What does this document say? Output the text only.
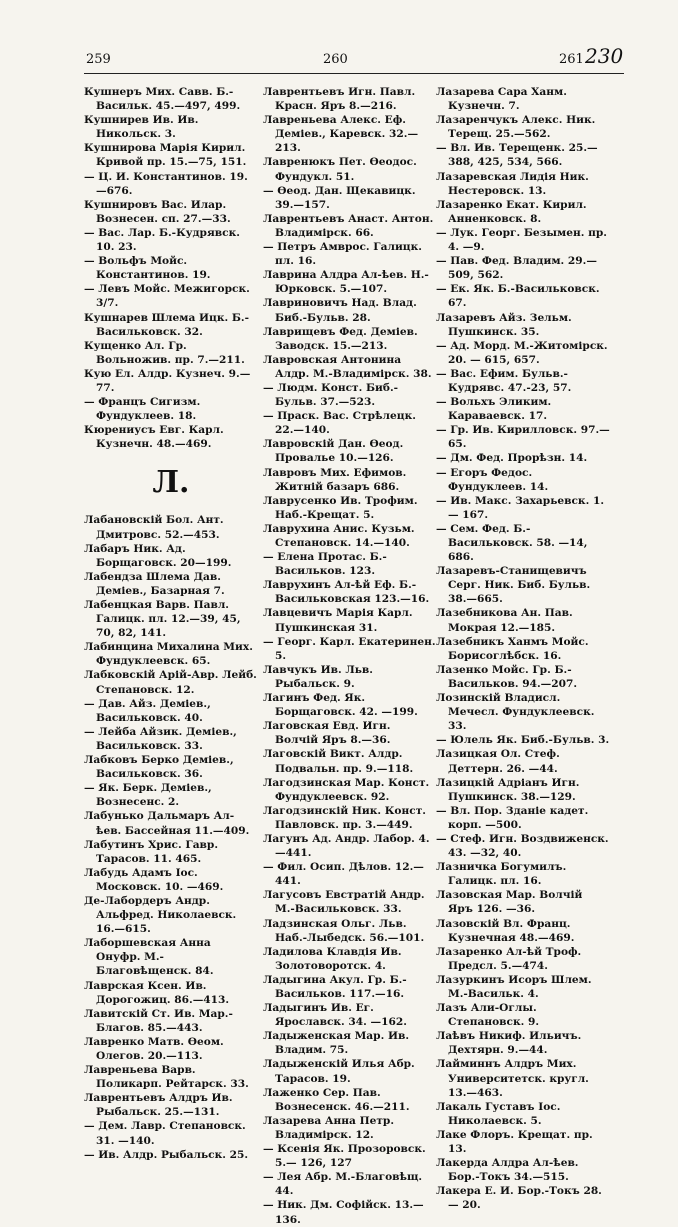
259	260	261 230

Кушнеръ Мих. Савв. Б.-Васильк. 45.—497, 499.

Кушнирев Ив. Ив. Никольск. 3.

Кушнирова Марія Кирил. Кривой пр. 15.—75, 151.

— Ц. И. Константинов. 19.—676.

Кушнировъ Вас. Илар. Вознесен. сп. 27.—33.

— Вас. Лар. Б.-Кудрявск. 10. 23.

— Вольфъ Мойс. Константинов. 19.

— Левъ Мойс. Межигорск. 3/7.

Кушнарев Шлема Ицк. Б.-Васильковск. 32.

Кущенко Ал. Гр. Вольножив. пр. 7.—211.

Кую Ел. Алдр. Кузнеч. 9.—77.

— Францъ Сигизм. Фундуклеев. 18.

Кюрениусъ Евг. Карл. Кузнечн. 48.—469.

Л.

Лабановскій Бол. Ант. Дмитровс. 52.—453.

Лабаръ Ник. Ад. Борщаговск. 20—199.

Лабендза Шлема Дав. Деміев., Базарная 7.

Лабенцкая Варв. Павл. Галицк. пл. 12.—39, 45, 70, 82, 141.

Лабинцина Михалина Мих. Фундуклеевск. 65.

Лабковскій Арій-Авр. Лейб. Степановск. 12.

— Дав. Айз. Деміев., Васильковск. 40.

— Лейба Айзик. Деміев., Васильковск. 33.

Лабковъ Берко Деміев., Васильковск. 36.

— Як. Берк. Деміев., Вознесенс. 2.

Лабунько Дальмаръ Ал-ѣев. Бассейная 11.—409.

Лабутинъ Хрис. Гавр. Тарасов. 11. 465.

Лабудь Адамъ Іос. Московск. 10. —469.

Де-Лабордеръ Андр. Альфред. Николаевск. 16.—615.

Лаборшевская Анна Онуфр. М.-Благовѣщенск. 84.

Лаврская Ксен. Ив. Дорогожиц. 86.—413.

Лавитскій Ст. Ив. Мар.-Благов. 85.—443.

Лавренко Матв. Ѳеом. Олегов. 20.—113.

Лавреньева Варв. Поликарп. Рейтарск. 33.

Лаврентьевъ Алдръ Ив. Рыбальск. 25.—131.

— Дем. Лавр. Степановск. 31. —140.

— Ив. Алдр. Рыбальск. 25.

Лаврентьевъ Игн. Павл. Красн. Яръ 8.—216.

Лавреньева Алекс. Еф. Деміев., Каревск. 32.—213.

Лавренюкъ Пет. Ѳеодос. Фундукл. 51.

— Ѳеод. Дан. Щекавицк. 39.—157.

Лаврентьевъ Анаст. Антон. Владимірск. 66.

— Петръ Амврос. Галицк. пл. 16.

Лаврина Алдра Ал-ѣев. Н.-Юрковск. 5.—107.

Лавриновичъ Над. Влад. Биб.-Бульв. 28.

Лаврищевъ Фед. Деміев. Заводск. 15.—213.

Лавровская Антонина Алдр. М.-Владимірск. 38.

— Людм. Конст. Биб.-Бульв. 37.—523.

— Праск. Вас. Стрѣлецк. 22.—140.

Лавровскій Дан. Ѳеод. Провалье 10.—126.

Лавровъ Мих. Ефимов. Житній базаръ 686.

Лаврусенко Ив. Трофим. Наб.-Крещат. 5.

Лаврухина Анис. Кузьм. Степановск. 14.—140.

— Елена Протас. Б.-Васильков. 123.

Лаврухинъ Ал-ѣй Еф. Б.-Васильковская 123.—16.

Лавцевичъ Марія Карл. Пушкинская 31.

— Георг. Карл. Екатеринен. 5.

Лавчукъ Ив. Льв. Рыбальск. 9.

Лагинъ Фед. Як. Борщаговск. 42. —199.

Лаговская Евд. Игн. Волчій Яръ 8.—36.

Лаговскій Викт. Алдр. Подвальн. пр. 9.—118.

Лагодзинская Мар. Конст. Фундуклеевск. 92.

Лагодзинскій Ник. Конст. Павловск. пр. 3.—449.

Лагунъ Ад. Андр. Лабор. 4.—441.

— Фил. Осип. Дѣлов. 12.—441.

Лагусовъ Евстратій Андр. М.-Васильковск. 33.

Ладзинская Ольг. Льв. Наб.-Лыбедск. 56.—101.

Ладилова Клавдія Ив. Золотоворотск. 4.

Ладыгина Акул. Гр. Б.-Васильков. 117.—16.

Ладыгинъ Ив. Ег. Ярославск. 34. —162.

Ладыженская Мар. Ив. Владим. 75.

Ладыженскій Илья Абр. Тарасов. 19.

Лаженко Сер. Пав. Вознесенск. 46.—211.

Лазарева Анна Петр. Владимірск. 12.

— Ксенія Як. Прозоровск. 5.— 126, 127

— Лея Абр. М.-Благовѣщ. 44.

— Ник. Дм. Софійск. 13.—136.

Лазарева Сара Ханм. Кузнечн. 7.

Лазаренчукъ Алекс. Ник. Терещ. 25.—562.

— Вл. Ив. Терещенк. 25.— 388, 425, 534, 566.

Лазаревская Лидія Ник. Нестеровск. 13.

Лазаренко Екат. Кирил. Анненковск. 8.

— Лук. Георг. Безымен. пр. 4. —9.

— Пав. Фед. Владим. 29.—509, 562.

— Ек. Як. Б.-Васильковск. 67.

Лазаревъ Айз. Зельм. Пушкинск. 35.

— Ад. Морд. М.-Житомірск. 20. — 615, 657.

— Вас. Ефим. Бульв.-Кудрявс. 47.-23, 57.

— Вольхъ Эликим. Караваевск. 17.

— Гр. Ив. Кирилловск. 97.— 65.

— Дм. Фед. Прорѣзн. 14.

— Егоръ Федос. Фундуклеев. 14.

— Ив. Макс. Захарьевск. 1.— 167.

— Сем. Фед. Б.-Васильковск. 58. —14, 686.

Лазаревъ-Станищевичъ Серг. Ник. Биб. Бульв. 38.—665.

Лазебникова Ан. Пав. Мокрая 12.—185.

Лазебникъ Ханмъ Мойс. Борисоглѣбск. 16.

Лазенко Мойс. Гр. Б.-Васильков. 94.—207.

Лозинскій Владисл. Мечесл. Фундуклеевск. 33.

— Юлель Як. Биб.-Бульв. 3.

Лазицкая Ол. Стеф. Деттерн. 26. —44.

Лазицкій Адріанъ Игн. Пушкинск. 38.—129.

— Вл. Пор. Зданіе кадет. корп. —500.

— Стеф. Игн. Воздвиженск. 43. —32, 40.

Лазничка Богумилъ. Галицк. пл. 16.

Лазовская Мар. Волчій Яръ 126. —36.

Лазовскій Вл. Франц. Кузнечная 48.—469.

Лазаренко Ал-ѣй Троф. Предсл. 5.—474.

Лазуркинъ Исоръ Шлем. М.-Васильк. 4.

Лазъ Али-Оглы. Степановск. 9.

Лаѣвъ Никиф. Ильичъ. Дехтярн. 9.—44.

Лайминнъ Алдръ Мих. Университетск. кругл. 13.—463.

Лакаль Густавъ Іос. Николаевск. 5.

Лаке Флоръ. Крещат. пр. 13.

Лакерда Алдра Ал-ѣев. Бор.-Токъ 34.—515.

Лакера Е. И. Бор.-Токъ 28.— 20.
